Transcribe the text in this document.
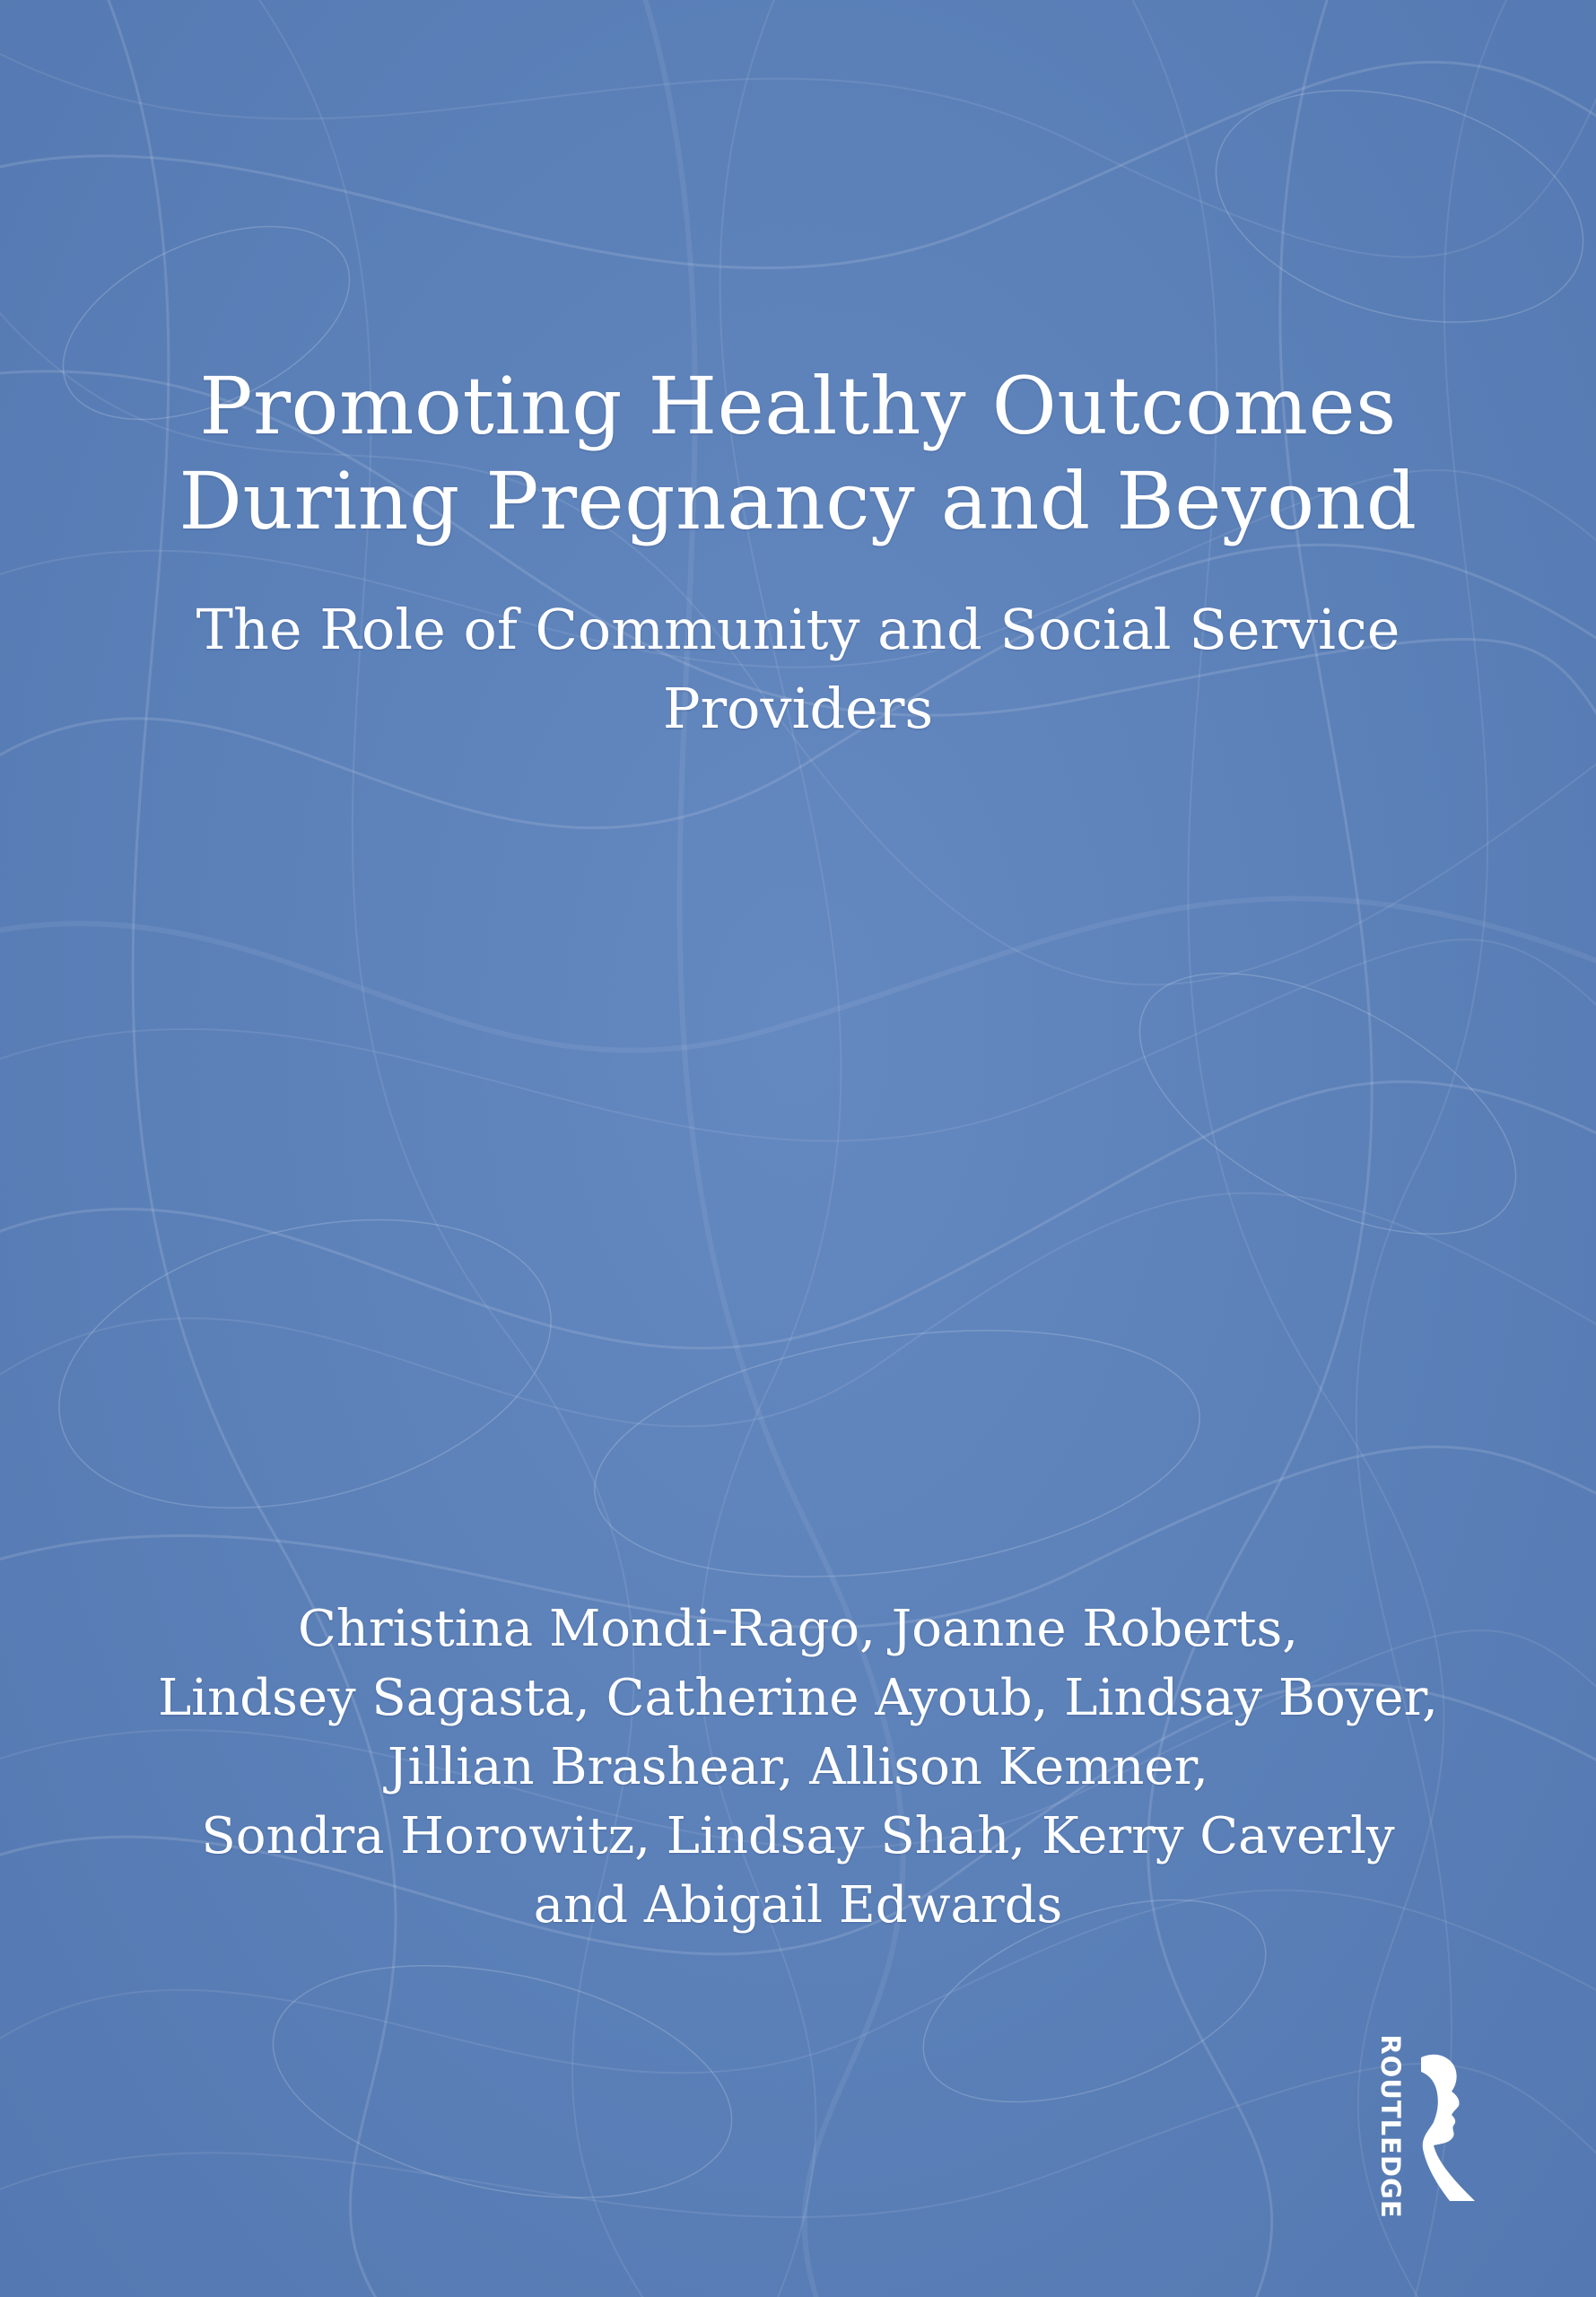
Promoting Healthy Outcomes
During Pregnancy and Beyond
The Role of Community and Social Service
Providers
Christina Mondi-Rago, Joanne Roberts,
Lindsey Sagasta, Catherine Ayoub, Lindsay Boyer,
Jillian Brashear, Allison Kemner,
Sondra Horowitz, Lindsay Shah, Kerry Caverly
and Abigail Edwards
ROUTLEDGE
